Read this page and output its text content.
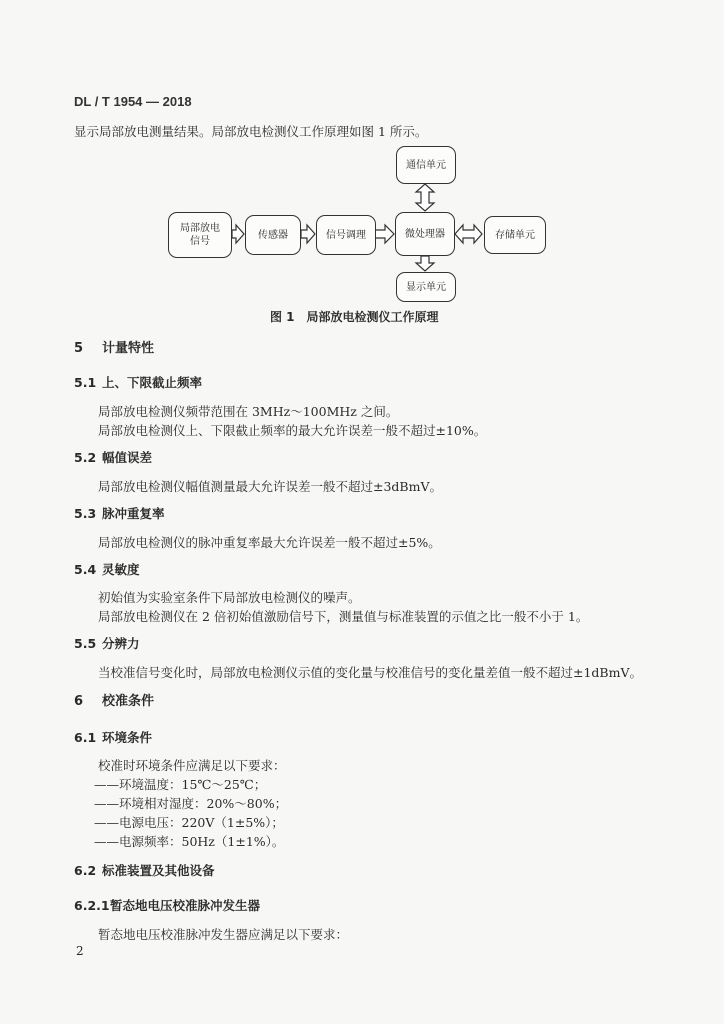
DL / T 1954 — 2018
显示局部放电测量结果。局部放电检测仪工作原理如图 1 所示。
局部放电信号
传感器	信号调理	微处理器	存储单元
通信单元
显示单元
图 1　局部放电检测仪工作原理
5 计量特性
5.1 上、下限截止频率
局部放电检测仪频带范围在 3MHz～100MHz 之间。
局部放电检测仪上、下限截止频率的最大允许误差一般不超过±10%。
5.2 幅值误差
局部放电检测仪幅值测量最大允许误差一般不超过±3dBmV。
5.3 脉冲重复率
局部放电检测仪的脉冲重复率最大允许误差一般不超过±5%。
5.4 灵敏度
初始值为实验室条件下局部放电检测仪的噪声。
局部放电检测仪在 2 倍初始值激励信号下，测量值与标准装置的示值之比一般不小于 1。
5.5 分辨力
当校准信号变化时，局部放电检测仪示值的变化量与校准信号的变化量差值一般不超过±1dBmV。
6 校准条件
6.1 环境条件
校准时环境条件应满足以下要求：
——环境温度：15℃～25℃；
——环境相对湿度：20%～80%；
——电源电压：220V（1±5%）；
——电源频率：50Hz（1±1%）。
6.2 标准装置及其他设备
6.2.1暂态地电压校准脉冲发生器
暂态地电压校准脉冲发生器应满足以下要求：
2
